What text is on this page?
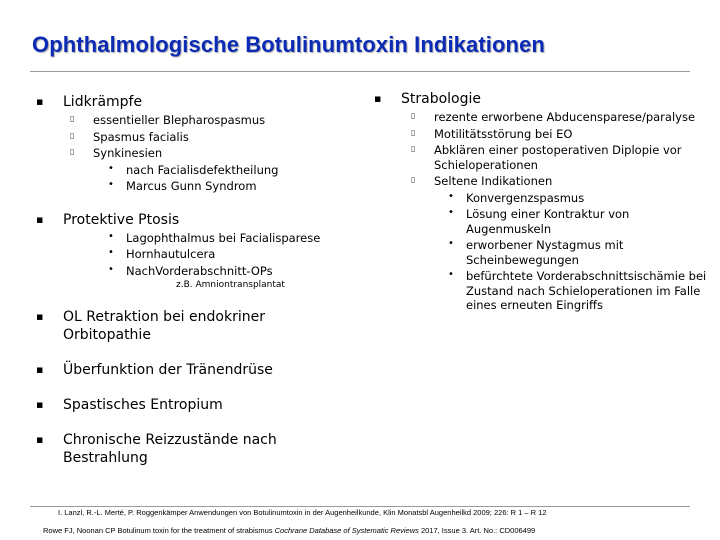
Ophthalmologische Botulinumtoxin Indikationen
▪ Lidkrämpfe
▯ essentieller Blepharospasmus
▯ Spasmus facialis
▯ Synkinesien
• nach Facialisdefektheilung
• Marcus Gunn Syndrom
▪ Protektive Ptosis
• Lagophthalmus bei Facialisparese
• Hornhautulcera
• NachVorderabschnitt-OPs
z.B. Amniontransplantat
▪ OL Retraktion bei endokriner
Orbitopathie
▪ Überfunktion der Tränendrüse
▪ Spastisches Entropium
▪ Chronische Reizzustände nach
Bestrahlung
▪ Strabologie
▯ rezente erworbene Abducensparese/paralyse
▯ Motilitätsstörung bei EO
▯ Abklären einer postoperativen Diplopie vor
Schieloperationen
▯ Seltene Indikationen
• Konvergenzspasmus
• Lösung einer Kontraktur von
Augenmuskeln
• erworbener Nystagmus mit
Scheinbewegungen
• befürchtete Vorderabschnittsischämie bei
Zustand nach Schieloperationen im Falle
eines erneuten Eingriffs
I. Lanzl, R.-L. Merté, P. Roggenkämper Anwendungen von Botulinumtoxin in der Augenheilkunde, Klin Monatsbl Augenheilkd 2009; 226: R 1 – R 12
Rowe FJ, Noonan CP Botulinum toxin for the treatment of strabismus Cochrane Database of Systematic Reviews 2017, Issue 3. Art. No.: CD006499
